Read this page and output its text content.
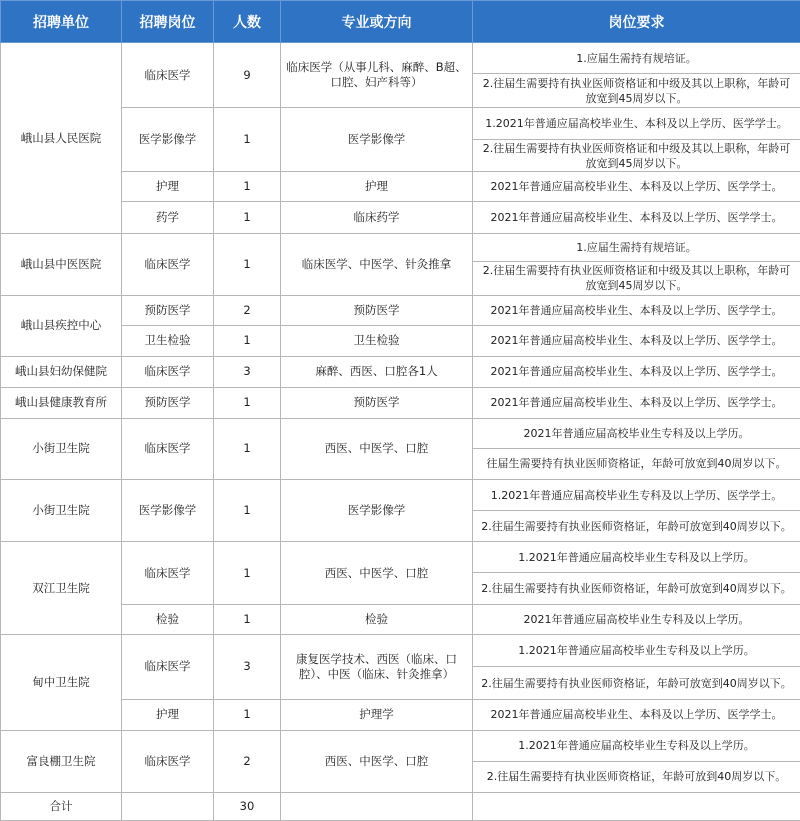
招聘单位	招聘岗位	人数	专业或方向	岗位要求
峨山县人民医院	临床医学	9	临床医学（从事儿科、麻醉、B超、口腔、妇产科等）	1.应届生需持有规培证。
				2.往届生需要持有执业医师资格证和中级及其以上职称，年龄可放宽到45周岁以下。
	医学影像学	1	医学影像学	1.2021年普通应届高校毕业生、本科及以上学历、医学学士。
				2.往届生需要持有执业医师资格证和中级及其以上职称，年龄可放宽到45周岁以下。
	护理	1	护理	2021年普通应届高校毕业生、本科及以上学历、医学学士。
	药学	1	临床药学	2021年普通应届高校毕业生、本科及以上学历、医学学士。
峨山县中医医院	临床医学	1	临床医学、中医学、针灸推拿	1.应届生需持有规培证。
				2.往届生需要持有执业医师资格证和中级及其以上职称，年龄可放宽到45周岁以下。
峨山县疾控中心	预防医学	2	预防医学	2021年普通应届高校毕业生、本科及以上学历、医学学士。
	卫生检验	1	卫生检验	2021年普通应届高校毕业生、本科及以上学历、医学学士。
峨山县妇幼保健院	临床医学	3	麻醉、西医、口腔各1人	2021年普通应届高校毕业生、本科及以上学历、医学学士。
峨山县健康教育所	预防医学	1	预防医学	2021年普通应届高校毕业生、本科及以上学历、医学学士。
小街卫生院	临床医学	1	西医、中医学、口腔	2021年普通应届高校毕业生专科及以上学历。
				往届生需要持有执业医师资格证，年龄可放宽到40周岁以下。
小街卫生院	医学影像学	1	医学影像学	1.2021年普通应届高校毕业生专科及以上学历、医学学士。
				2.往届生需要持有执业医师资格证，年龄可放宽到40周岁以下。
双江卫生院	临床医学	1	西医、中医学、口腔	1.2021年普通应届高校毕业生专科及以上学历。
				2.往届生需要持有执业医师资格证，年龄可放宽到40周岁以下。
	检验	1	检验	2021年普通应届高校毕业生专科及以上学历。
甸中卫生院	临床医学	3	康复医学技术、西医（临床、口腔）、中医（临床、针灸推拿）	1.2021年普通应届高校毕业生专科及以上学历。
				2.往届生需要持有执业医师资格证，年龄可放宽到40周岁以下。
	护理	1	护理学	2021年普通应届高校毕业生、本科及以上学历、医学学士。
富良棚卫生院	临床医学	2	西医、中医学、口腔	1.2021年普通应届高校毕业生专科及以上学历。
				2.往届生需要持有执业医师资格证，年龄可放到40周岁以下。
合计		30		
